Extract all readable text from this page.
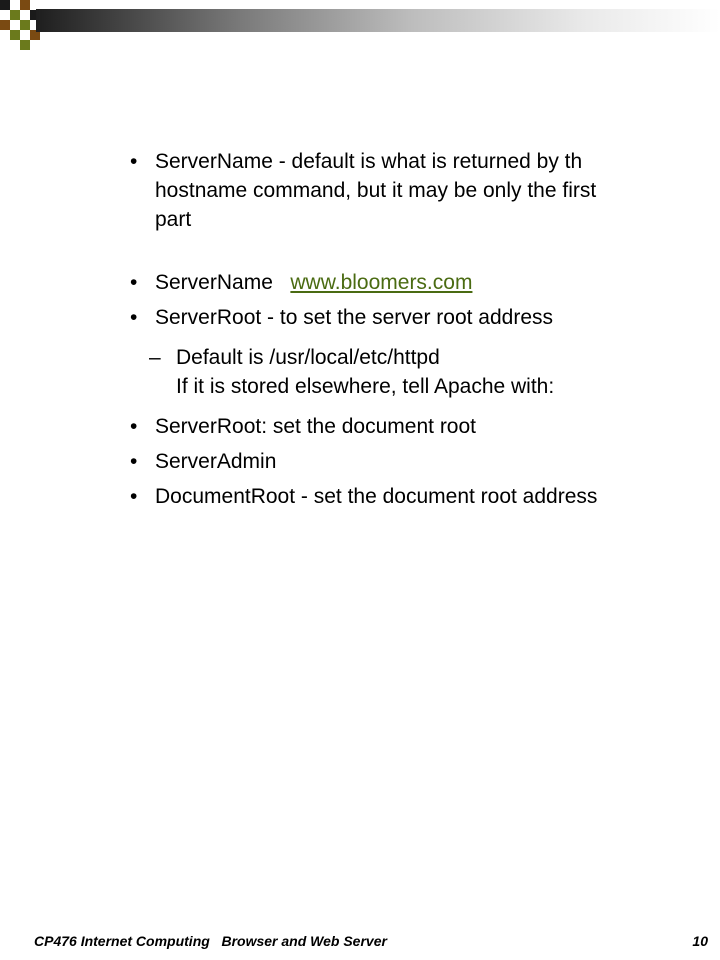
• ServerName - default is what is returned by th hostname command, but it may be only the first part
• ServerName www.bloomers.com
• ServerRoot - to set the server root address
– Default is /usr/local/etc/httpd
If it is stored elsewhere, tell Apache with:
• ServerRoot: set the document root
• ServerAdmin
• DocumentRoot - set the document root address
CP476 Internet Computing   Browser and Web Server	10
